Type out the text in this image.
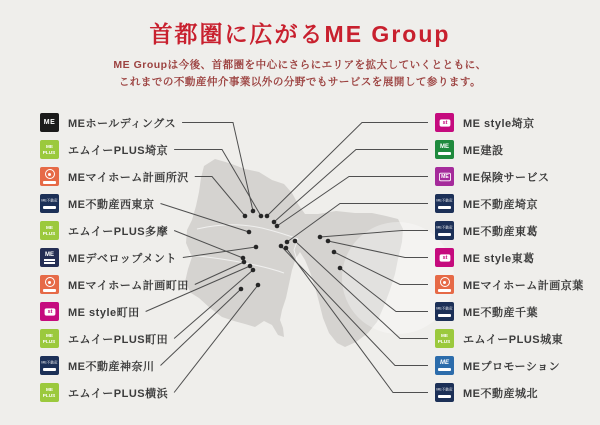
首都圏に広がるME Group

ME Groupは今後、首都圏を中心にさらにエリアを拡大していくとともに、

これまでの不動産仲介事業以外の分野でもサービスを展開して参ります。

ME MEホールディングス
ME
PLUS エムイーPLUS埼京
MEマイホーム計画所沢
ME不動産 ME不動産西東京
ME
PLUS エムイーPLUS多摩
ME MEデベロップメント
MEマイホーム計画町田
st ME style町田
ME
PLUS エムイーPLUS町田
ME不動産 ME不動産神奈川
ME
PLUS エムイーPLUS横浜
st ME style埼京
ME ME建設
ME ME保険サービス
ME不動産 ME不動産埼京
ME不動産 ME不動産東葛
st ME style東葛
MEマイホーム計画京葉
ME不動産 ME不動産千葉
ME
PLUS エムイーPLUS城東
ME MEプロモーション
ME不動産 ME不動産城北
